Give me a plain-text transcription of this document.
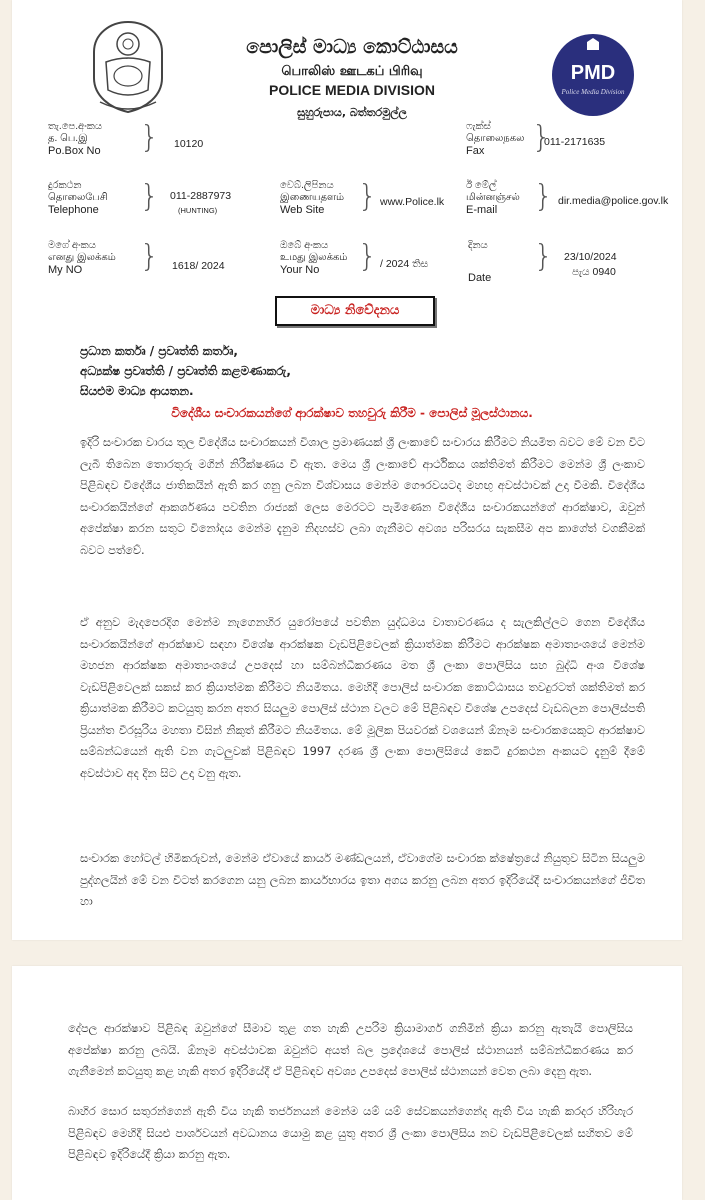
පොලිස් මාධ්‍ය කොට්ඨාසය
பொலிஸ் ஊடகப் பிரிவு
POLICE MEDIA DIVISION
සුහුරුපාය, බත්තරමුල්ල
PMD
Police Media Division
තැ.පෙ.අංකය
த. பெ.இ
Po.Box No } 10120
ෆැක්ස්
தொலைநகல
Fax	}
011-2171635
දුරකථන
தொலைபேசி
Telephone } 011-2887973
(HUNTING)
වෙබ්.ලිපිනය
இணையதளம்
Web Site	} www.Police.lk
ඊ මේල්
மின்னஞ்சல்
E-mail	} dir.media@police.gov.lk
මගේ අංකය
எனது இலக்கம்
My NO	} 1618/ 2024
ඔබේ අංකය
உமது இலக்கம்
Your No	} / 2024 තිස
දිනය
Date
} 23/10/2024
පැය 0940
මාධ්‍ය නිවේදනය
ප්‍රධාන කර්තෘ / ප්‍රවෘත්ති කර්තෘ,
අධ්‍යක්ෂ ප්‍රවෘත්ති / ප්‍රවෘත්ති කළමණාකරු,
සියළුම මාධ්‍ය ආයතන.
විදේශීය සංචාරකයන්ගේ ආරක්ෂාව තහවුරු කිරීම - පොලිස් මූලස්ථානය.
ඉදිරි සංචාරක වාරය තුල විදේශීය සංචාරකයන් විශාල ප්‍රමාණයක් ශ්‍රී ලංකාවේ සංචාරය කිරීමට නියමිත බවට මේ වන විට ලැබී තිබෙන තොරතුරු මගින් නිරීක්ෂණය වී ඇත. මෙය ශ්‍රී ලංකාවේ ආර්ථිකය ශක්තිමත් කිරීමට මෙන්ම ශ්‍රී ලංකාව පිළිබඳව විදේශීය ජාතිකයින් ඇති කර ගනු ලබන විශ්වාසය මෙන්ම ගෞරවයටද මහඟු අවස්ථාවක් උදා වීමකි. විදේශීය සංචාරකයින්ගේ ආකර්ශණය පවතින රාජ්‍යක් ලෙස මෙරටට පැමිණෙන විදේශීය සංචාරකයන්ගේ ආරක්ෂාව, ඔවුන් අපේක්ෂා කරන සතුට විනෝදය මෙන්ම දැනුම නිදහස්ව ලබා ගැනීමට අවශ්‍ය පරිසරය සැකසීම අප කාගේත් වගකීමක් බවට පත්වේ.
ඒ අනුව මැදපෙරදිග මෙන්ම නැගෙනහිර යුරෝපයේ පවතින යුද්ධමය වාතාවරණය ද සැලකිල්ලට ගෙන විදේශීය සංචාරකයින්ගේ ආරක්ෂාව සඳහා විශේෂ ආරක්ෂක වැඩපිළිවෙලක් ක්‍රියාත්මක කිරීමට ආරක්ෂක අමාත්‍යංශයේ මෙන්ම මහජන ආරක්ෂක අමාත්‍යංශයේ උපදෙස් හා සම්බන්ධීකරණය මත ශ්‍රී ලංකා පොලිසිය සහ බුද්ධි අංශ විශේෂ වැඩපිළිවෙලක් සකස් කර ක්‍රියාත්මක කිරීමට නියමිතය. මෙහිදී පොලිස් සංචාරක කොට්ඨාසය තවදුරටත් ශක්තිමත් කර ක්‍රියාත්මක කිරීමට කටයුතු කරන අතර සියලුම පොලිස් ස්ථාන වලට මේ පිළිබඳව විශේෂ උපදෙස් වැඩබලන පොලිස්පති ප්‍රියන්ත වීරසූරිය මහතා විසින් නිකුත් කිරීමට නියමිතය. මේ මූලික පියවරක් වශයෙන් ඕනෑම සංචාරකයෙකුට ආරක්ෂාව සම්බන්ධයෙන් ඇති වන ගැටලුවක් පිළිබඳව 1997 දරණ ශ්‍රී ලංකා පොලිසියේ කෙටි දුරකථන අංකයට දැනුම් දීමේ අවස්ථාව අද දින සිට උදා වනු ඇත.
සංචාරක හෝටල් හිමිකරුවන්, මෙන්ම ඒවායේ කාර්ය මණ්ඩලයන්, ඒවාගේම සංචාරක ක්ෂේත්‍රයේ නියුතුව සිටින සියලුම පුද්ගලයින් මේ වන විටත් කරගෙන යනු ලබන කාර්යභාරය ඉතා අගය කරනු ලබන අතර ඉදිරියේදී සංචාරකයන්ගේ ජීවිත හා
දේපල ආරක්ෂාව පිළිබඳ ඔවුන්ගේ සීමාව තුළ ගත හැකි උපරිම ක්‍රියාමාර්ග ගනිමින් ක්‍රියා කරනු ඇතැයි පොලිසිය අපේක්ෂා කරනු ලබයි. ඕනෑම අවස්ථාවක ඔවුන්ට අයත් බල ප්‍රදේශයේ පොලිස් ස්ථානයන් සම්බන්ධීකරණය කර ගැනීමෙන් කටයුතු කළ හැකි අතර ඉදිරියේදී ඒ පිළිබඳව අවශ්‍ය උපදෙස් පොලිස් ස්ථානයන් වෙත ලබා දෙනු ඇත.
බාහිර සොර සතුරන්ගෙන් ඇති විය හැකි තර්ජනයන් මෙන්ම යම් යම් සේවකයන්ගෙන්ද ඇති විය හැකි කරදර හිරිහැර පිළිබඳව මෙහිදී සියළු පාර්ශවයන් අවධානය යොමු කළ යුතු අතර ශ්‍රී ලංකා පොලිසිය නව වැඩපිළිවෙලක් සහිතව මේ පිළිබඳව ඉදිරියේදී ක්‍රියා කරනු ඇත.
